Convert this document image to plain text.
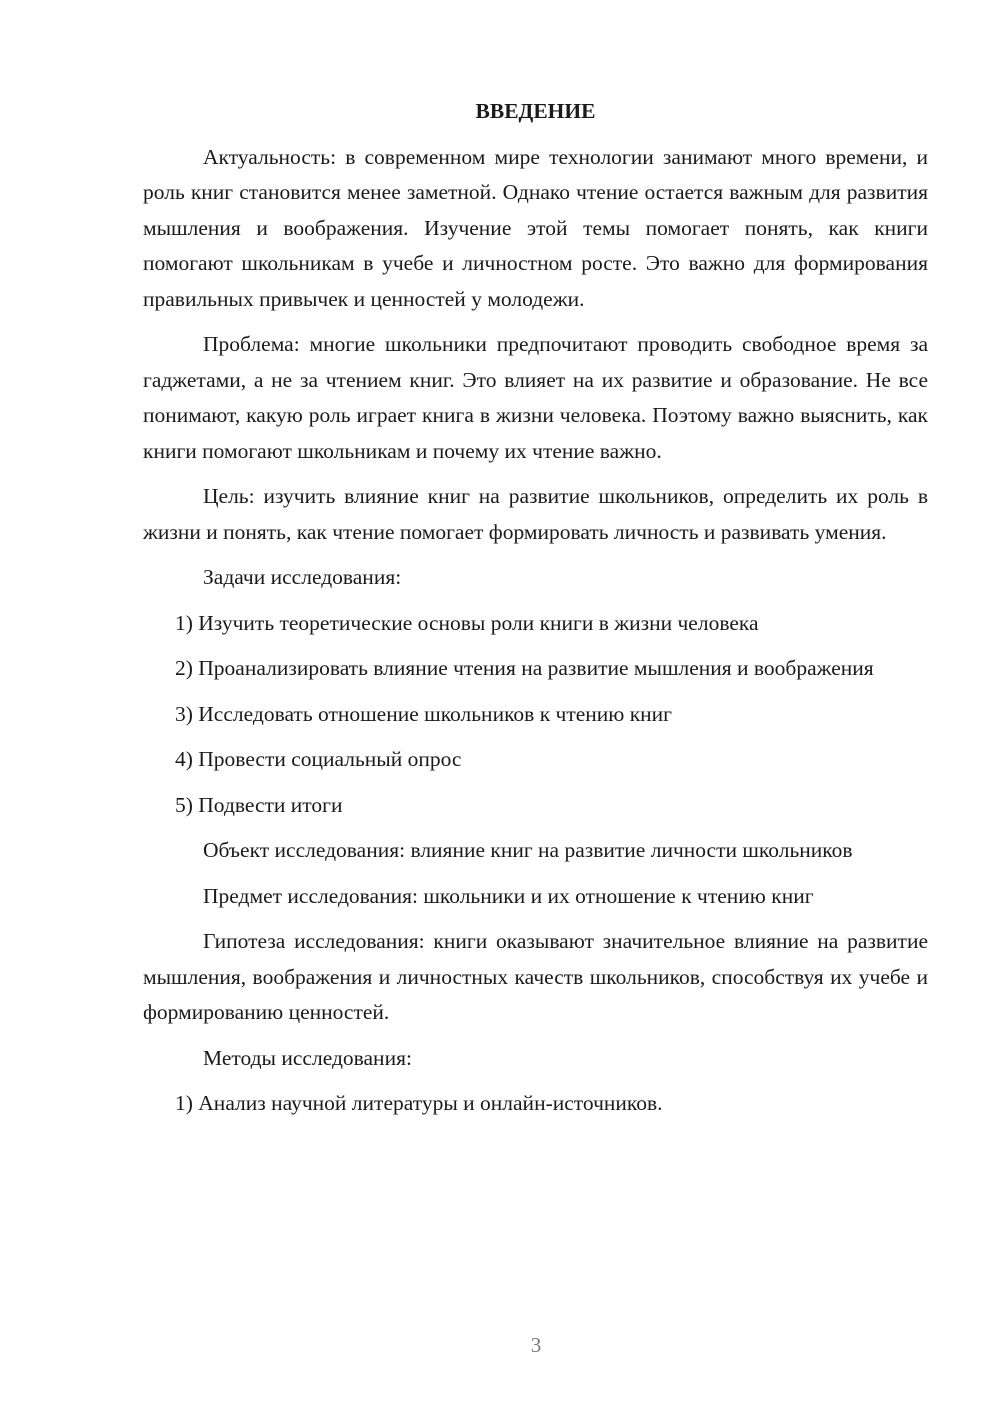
ВВЕДЕНИЕ

Актуальность: в современном мире технологии занимают много времени, и роль книг становится менее заметной. Однако чтение остается важным для развития мышления и воображения. Изучение этой темы помогает понять, как книги помогают школьникам в учебе и личностном росте. Это важно для формирования правильных привычек и ценностей у молодежи.

Проблема: многие школьники предпочитают проводить свободное время за гаджетами, а не за чтением книг. Это влияет на их развитие и образование. Не все понимают, какую роль играет книга в жизни человека. Поэтому важно выяснить, как книги помогают школьникам и почему их чтение важно.

Цель: изучить влияние книг на развитие школьников, определить их роль в жизни и понять, как чтение помогает формировать личность и развивать умения.

Задачи исследования:

1) Изучить теоретические основы роли книги в жизни человека

2) Проанализировать влияние чтения на развитие мышления и воображения

3) Исследовать отношение школьников к чтению книг

4) Провести социальный опрос

5) Подвести итоги

Объект исследования: влияние книг на развитие личности школьников

Предмет исследования: школьники и их отношение к чтению книг

Гипотеза исследования: книги оказывают значительное влияние на развитие мышления, воображения и личностных качеств школьников, способствуя их учебе и формированию ценностей.

Методы исследования:

1) Анализ научной литературы и онлайн-источников.

3
